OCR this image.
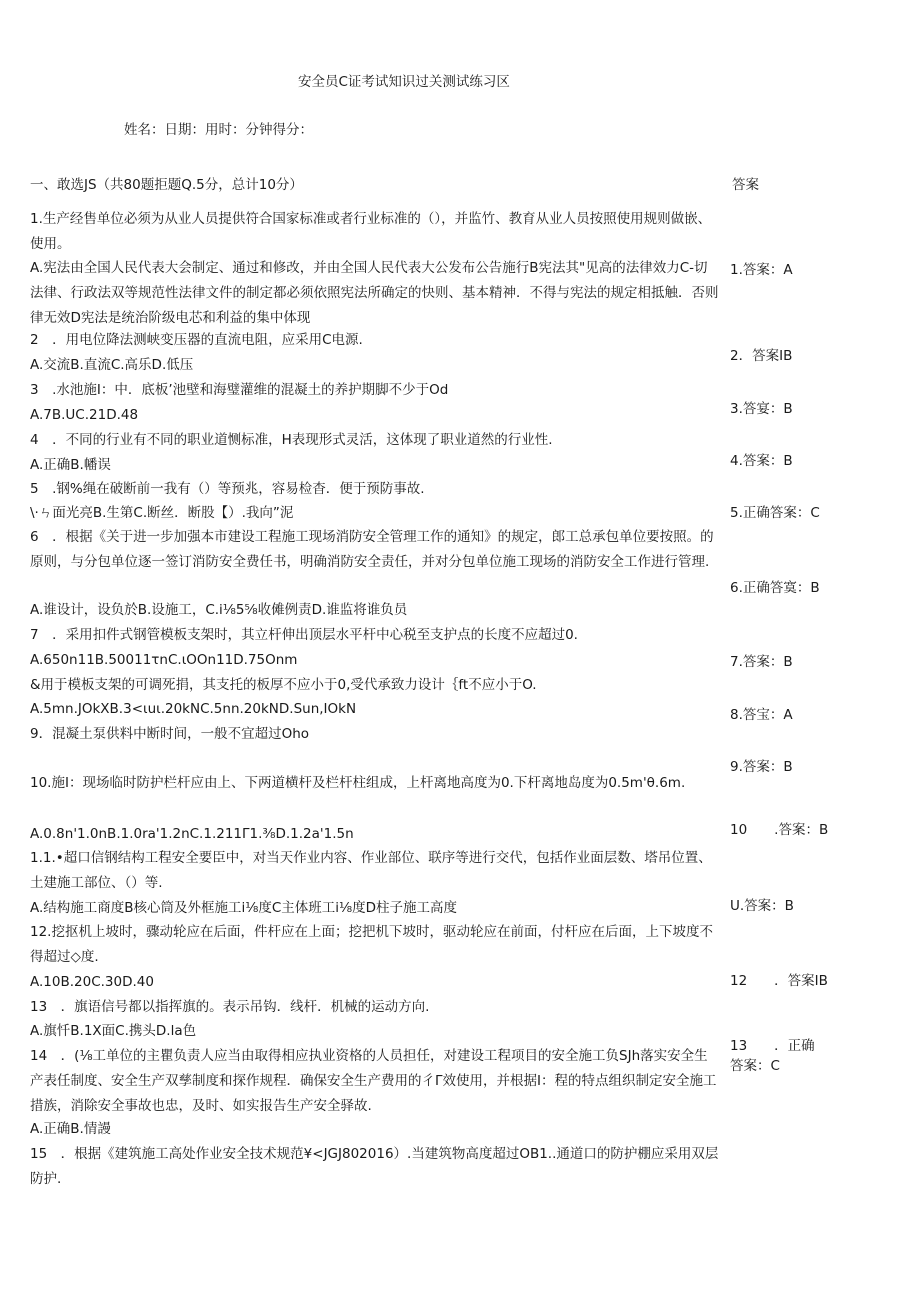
安全员C证考试知识过关测试练习区
姓名：日期：用时：分钟得分：
一、敢选JS（共80题拒题Q.5分，总计10分）	答案
1.生产经售单位必须为从业人员提供符合国家标准或者行业标准的（），并监竹、教育从业人员按照使用规则做嵌、使用。
A.宪法由全国人民代表大会制定、通过和修改，并由全国人民代表大公发布公告施行B宪法其"见高的法律效力C-切法律、行政法双等规范性法律文件的制定都必须依照宪法所确定的快则、基本精神．不得与宪法的规定相抵触．否则律无效D宪法是统治阶级电芯和利益的集中体现
2　．用电位降法测峡变压器的直流电阻，应采用C电源.
A.交流B.直流C.高乐D.低压
3　.水池施I：中．底板’池壁和海璧灌维的混凝土的养护期脚不少于Od
A.7B.UC.21D.48
4　．不同的行业有不同的职业道恻标准，H表现形式灵活，这体现了职业道然的行业性.
A.正确B.幡误
5　.钢%绳在破断前一我有（）等预兆，容易检杳．便于预防事故.
\·ㄣ面光亮B.生第C.断丝．断股【）.我向”泥
6　．根据《关于进一步加强本市建设工程施工现场消防安全管理工作的通知》的规定，郎工总承包单位要按照。的原则，与分包单位逐一签订消防安全费任书，明确消防安全责任，并对分包单位施工现场的消防安全工作进行管理.
A.谁设计，设负於B.设施工，C.i⅛5⅝收傩例责D.谁监将谁负员
7　．采用扣件式钢管模板支架时，其立杆伸出顶层水平杆中心税至支护点的长度不应超过0.
A.650n11B.50011τnC.ιOOn11D.75Onm
&用于模板支架的可调死捐，其支托的板厚不应小于0,受代承致力设计｛ft不应小于O.
A.5mn.JOkXB.3<ιuι.20kNC.5nn.20kND.Sun,IOkN
9．混凝土泵供料中断时间，一般不宜超过Oho
10.施I：现场临时防护栏杆应由上、下两道横杆及栏杆柱组成，上杆离地高度为0.下杆离地岛度为0.5m'θ.6m.
A.0.8n'1.0nB.1.0ra'1.2nC.1.211Γ1.⅜D.1.2a'1.5n
1.1.•超口信钢结构工程安全要臣中，对当天作业内容、作业部位、联序等进行交代，包括作业面层数、塔吊位置、土建施工部位、（）等.
A.结构施工商度B核心筒及外框施工i⅛度C主体班工i⅛度D柱子施工高度
12.挖抠机上坡时，骤动轮应在后面，件杆应在上面；挖把机下坡时，驱动轮应在前面，付杆应在后面，上下坡度不得超过◇度.
A.10B.20C.30D.40
13　．旗语信号都以指挥旗的。表示吊钩．线杆．机械的运动方向.
A.旗忏B.1X面C.携头D.la色
14　．(⅛工单位的主瞿负责人应当由取得相应执业资格的人员担任，对建设工程项目的安全施工负SJh落实安全生产表任制度、安全生产双孳制度和探作规程．确保安全生产费用的彳Γ效使用，并根据I：程的特点组织制定安全施工措族，消除安全事故也忠，及时、如实报告生产安全驿故.
A.正确B.情謾
15　．根据《建筑施工高处作业安全技术规范¥<JGJ802016）.当建筑物高度超过OB1..通道口的防护棚应采用双层防护.
1.答案：A
2．答案IB
3.答宴：B
4.答案：B
5.正确答案：C
6.正确答寞：B
7.答案：B
8.答宝：A
9.答案：B
10　　.答案：B
U.答案：B
12　　．答案IB
13　　．正确
答案：C
